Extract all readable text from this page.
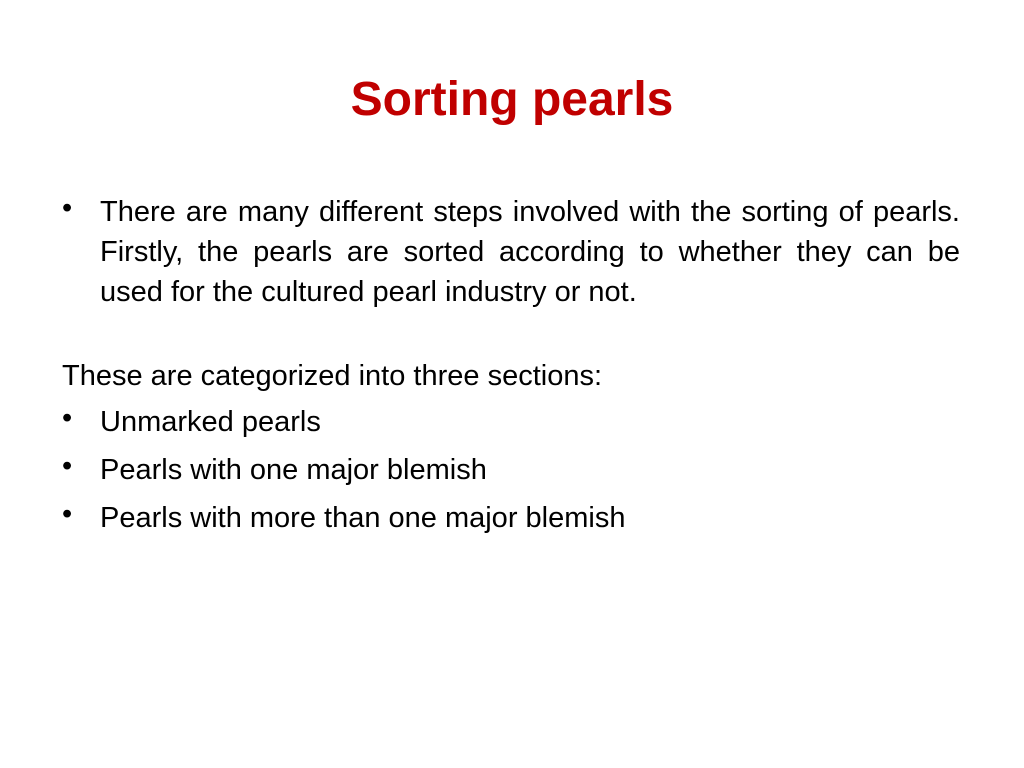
Sorting pearls
• There are many different steps involved with the sorting of pearls. Firstly, the pearls are sorted according to whether they can be used for the cultured pearl industry or not.
These are categorized into three sections:
• Unmarked pearls
• Pearls with one major blemish
• Pearls with more than one major blemish
